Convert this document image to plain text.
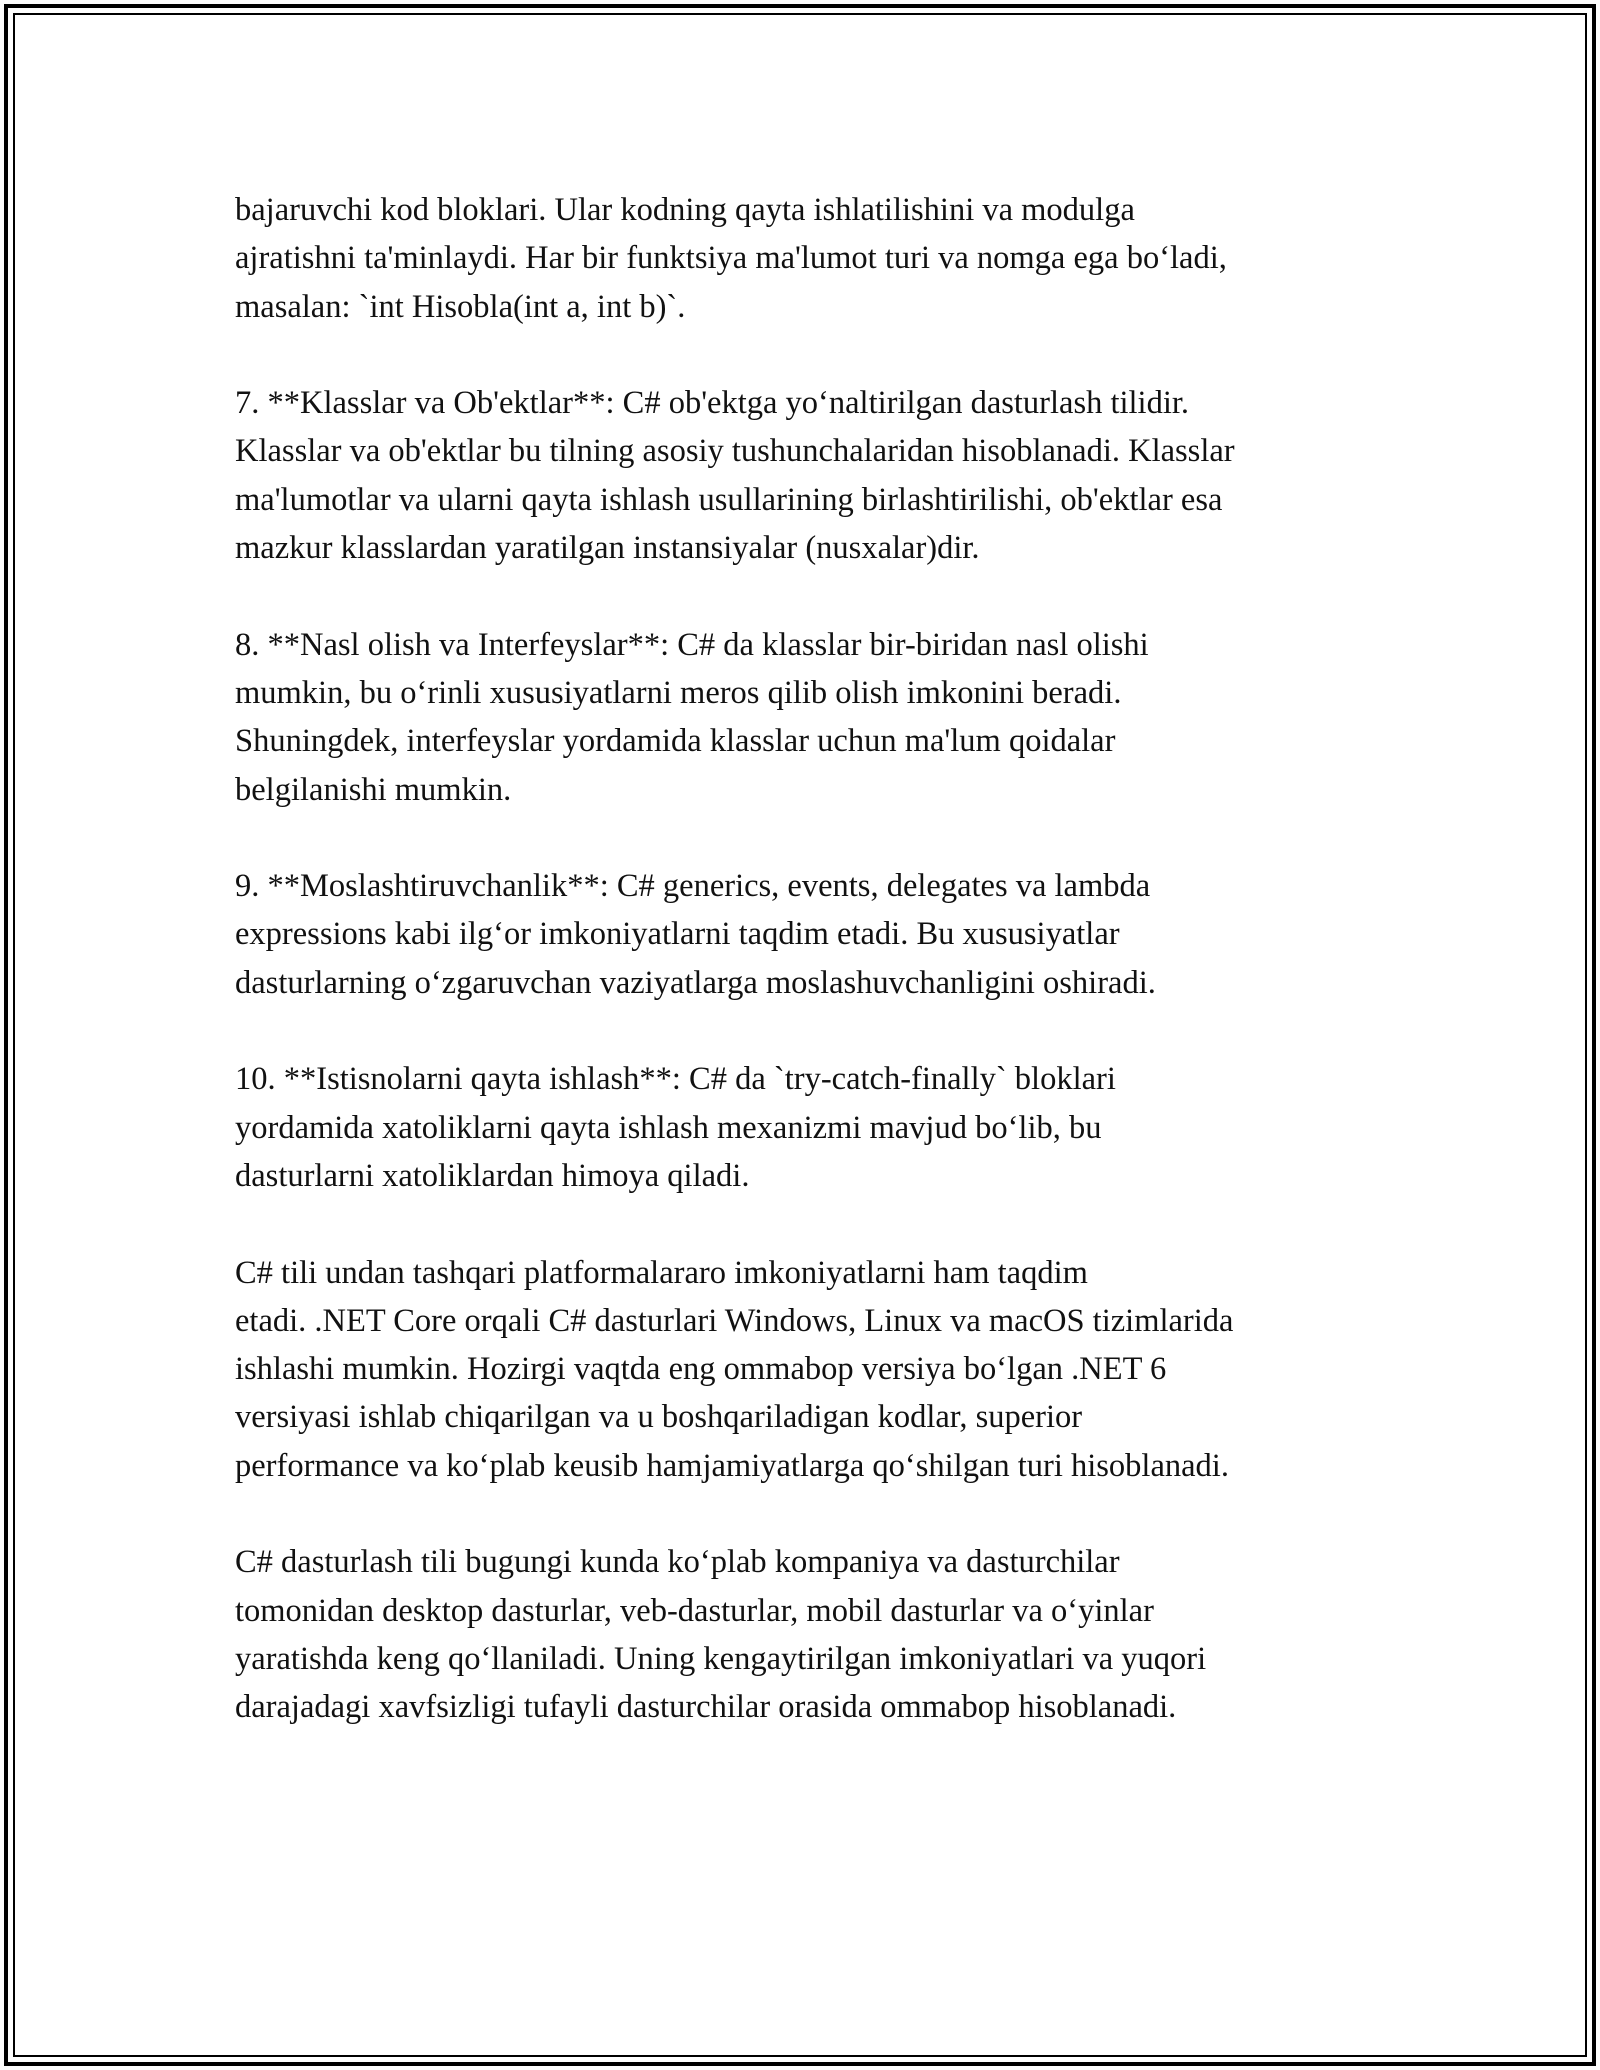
bajaruvchi kod bloklari. Ular kodning qayta ishlatilishini va modulga
ajratishni ta'minlaydi. Har bir funktsiya ma'lumot turi va nomga ega bo‘ladi,
masalan: `int Hisobla(int a, int b)`.

7. **Klasslar va Ob'ektlar**: C# ob'ektga yo‘naltirilgan dasturlash tilidir.
Klasslar va ob'ektlar bu tilning asosiy tushunchalaridan hisoblanadi. Klasslar
ma'lumotlar va ularni qayta ishlash usullarining birlashtirilishi, ob'ektlar esa
mazkur klasslardan yaratilgan instansiyalar (nusxalar)dir.

8. **Nasl olish va Interfeyslar**: C# da klasslar bir-biridan nasl olishi
mumkin, bu o‘rinli xususiyatlarni meros qilib olish imkonini beradi.
Shuningdek, interfeyslar yordamida klasslar uchun ma'lum qoidalar
belgilanishi mumkin.

9. **Moslashtiruvchanlik**: C# generics, events, delegates va lambda
expressions kabi ilg‘or imkoniyatlarni taqdim etadi. Bu xususiyatlar
dasturlarning o‘zgaruvchan vaziyatlarga moslashuvchanligini oshiradi.

10. **Istisnolarni qayta ishlash**: C# da `try-catch-finally` bloklari
yordamida xatoliklarni qayta ishlash mexanizmi mavjud bo‘lib, bu
dasturlarni xatoliklardan himoya qiladi.

C# tili undan tashqari platformalararo imkoniyatlarni ham taqdim
etadi. .NET Core orqali C# dasturlari Windows, Linux va macOS tizimlarida
ishlashi mumkin. Hozirgi vaqtda eng ommabop versiya bo‘lgan .NET 6
versiyasi ishlab chiqarilgan va u boshqariladigan kodlar, superior
performance va ko‘plab keusib hamjamiyatlarga qo‘shilgan turi hisoblanadi.

C# dasturlash tili bugungi kunda ko‘plab kompaniya va dasturchilar
tomonidan desktop dasturlar, veb-dasturlar, mobil dasturlar va o‘yinlar
yaratishda keng qo‘llaniladi. Uning kengaytirilgan imkoniyatlari va yuqori
darajadagi xavfsizligi tufayli dasturchilar orasida ommabop hisoblanadi.
